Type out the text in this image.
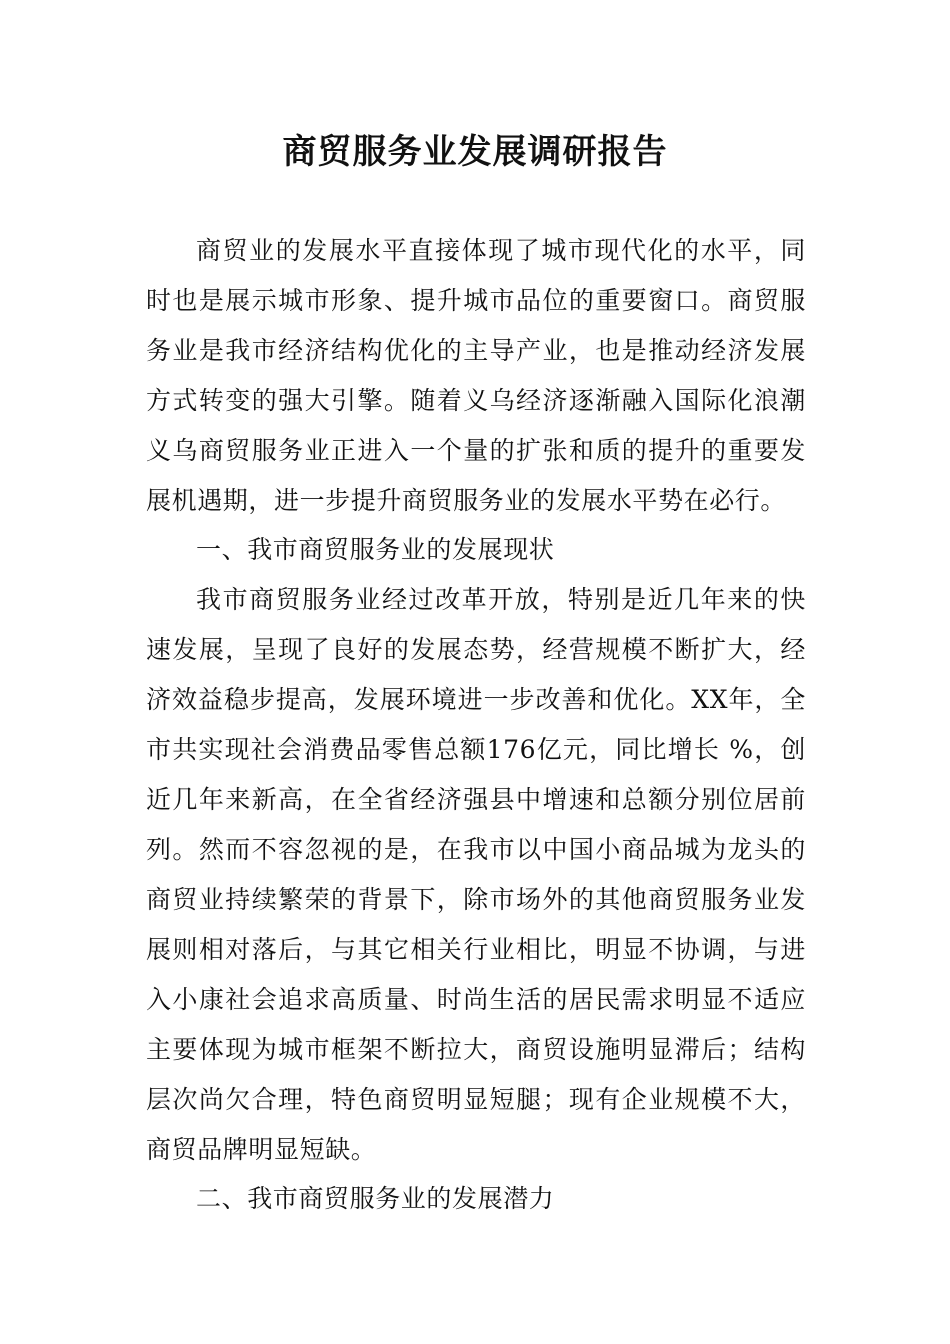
商贸服务业发展调研报告

商贸业的发展水平直接体现了城市现代化的水平，同时也是展示城市形象、提升城市品位的重要窗口。商贸服务业是我市经济结构优化的主导产业，也是推动经济发展方式转变的强大引擎。随着义乌经济逐渐融入国际化浪潮义乌商贸服务业正进入一个量的扩张和质的提升的重要发展机遇期，进一步提升商贸服务业的发展水平势在必行。

一、我市商贸服务业的发展现状

我市商贸服务业经过改革开放，特别是近几年来的快速发展，呈现了良好的发展态势，经营规模不断扩大，经济效益稳步提高，发展环境进一步改善和优化。XX年，全市共实现社会消费品零售总额176亿元，同比增长 %，创近几年来新高，在全省经济强县中增速和总额分别位居前列。然而不容忽视的是，在我市以中国小商品城为龙头的商贸业持续繁荣的背景下，除市场外的其他商贸服务业发展则相对落后，与其它相关行业相比，明显不协调，与进入小康社会追求高质量、时尚生活的居民需求明显不适应主要体现为城市框架不断拉大，商贸设施明显滞后；结构层次尚欠合理，特色商贸明显短腿；现有企业规模不大，商贸品牌明显短缺。

二、我市商贸服务业的发展潜力
